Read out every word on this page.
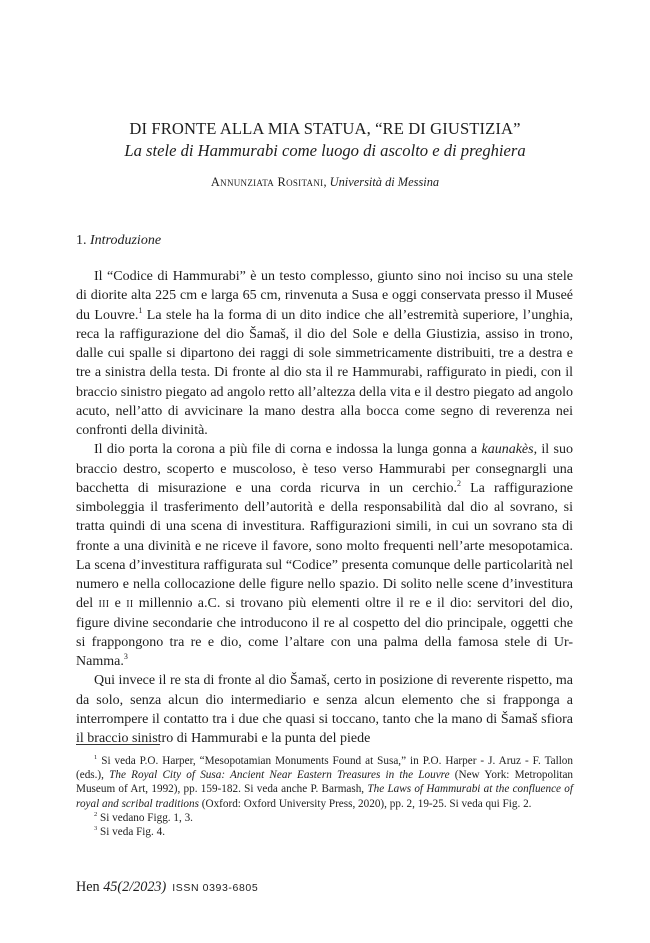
DI FRONTE ALLA MIA STATUA, “RE DI GIUSTIZIA”
La stele di Hammurabi come luogo di ascolto e di preghiera
Annunziata Rositani, Università di Messina
1. Introduzione

Il “Codice di Hammurabi” è un testo complesso, giunto sino noi inciso su una stele di diorite alta 225 cm e larga 65 cm, rinvenuta a Susa e oggi conservata presso il Museé du Louvre.$^1$ La stele ha la forma di un dito indice che all’estremità superiore, l’unghia, reca la raffigurazione del dio Šamaš, il dio del Sole e della Giustizia, assiso in trono, dalle cui spalle si dipartono dei raggi di sole simmetricamente distribuiti, tre a destra e tre a sinistra della testa. Di fronte al dio sta il re Hammurabi, raffigurato in piedi, con il braccio sinistro piegato ad angolo retto all’altezza della vita e il destro piegato ad angolo acuto, nell’atto di avvicinare la mano destra alla bocca come segno di reverenza nei confronti della divinità.

Il dio porta la corona a più file di corna e indossa la lunga gonna a kaunakès, il suo braccio destro, scoperto e muscoloso, è teso verso Hammurabi per consegnargli una bacchetta di misurazione e una corda ricurva in un cerchio.$^2$ La raffigurazione simboleggia il trasferimento dell’autorità e della responsabilità dal dio al sovrano, si tratta quindi di una scena di investitura. Raffigurazioni simili, in cui un sovrano sta di fronte a una divinità e ne riceve il favore, sono molto frequenti nell’arte mesopotamica. La scena d’investitura raffigurata sul “Codice” presenta comunque delle particolarità nel numero e nella collocazione delle figure nello spazio. Di solito nelle scene d’investitura del iii e ii millennio a.C. si trovano più elementi oltre il re e il dio: servitori del dio, figure divine secondarie che introducono il re al cospetto del dio principale, oggetti che si frappongono tra re e dio, come l’altare con una palma della famosa stele di Ur-Namma.$^3$

Qui invece il re sta di fronte al dio Šamaš, certo in posizione di reverente rispetto, ma da solo, senza alcun dio intermediario e senza alcun elemento che si frapponga a interrompere il contatto tra i due che quasi si toccano, tanto che la mano di Šamaš sfiora il braccio sinistro di Hammurabi e la punta del piede

$^1$ Si veda P.O. Harper, “Mesopotamian Monuments Found at Susa,” in P.O. Harper - J. Aruz - F. Tallon (eds.), The Royal City of Susa: Ancient Near Eastern Treasures in the Louvre (New York: Metropolitan Museum of Art, 1992), pp. 159-182. Si veda anche P. Barmash, The Laws of Hammurabi at the confluence of royal and scribal traditions (Oxford: Oxford University Press, 2020), pp. 2, 19-25. Si veda qui Fig. 2.

$^2$ Si vedano Figg. 1, 3.

$^3$ Si veda Fig. 4.

Hen 45(2/2023) ISSN 0393-6805
